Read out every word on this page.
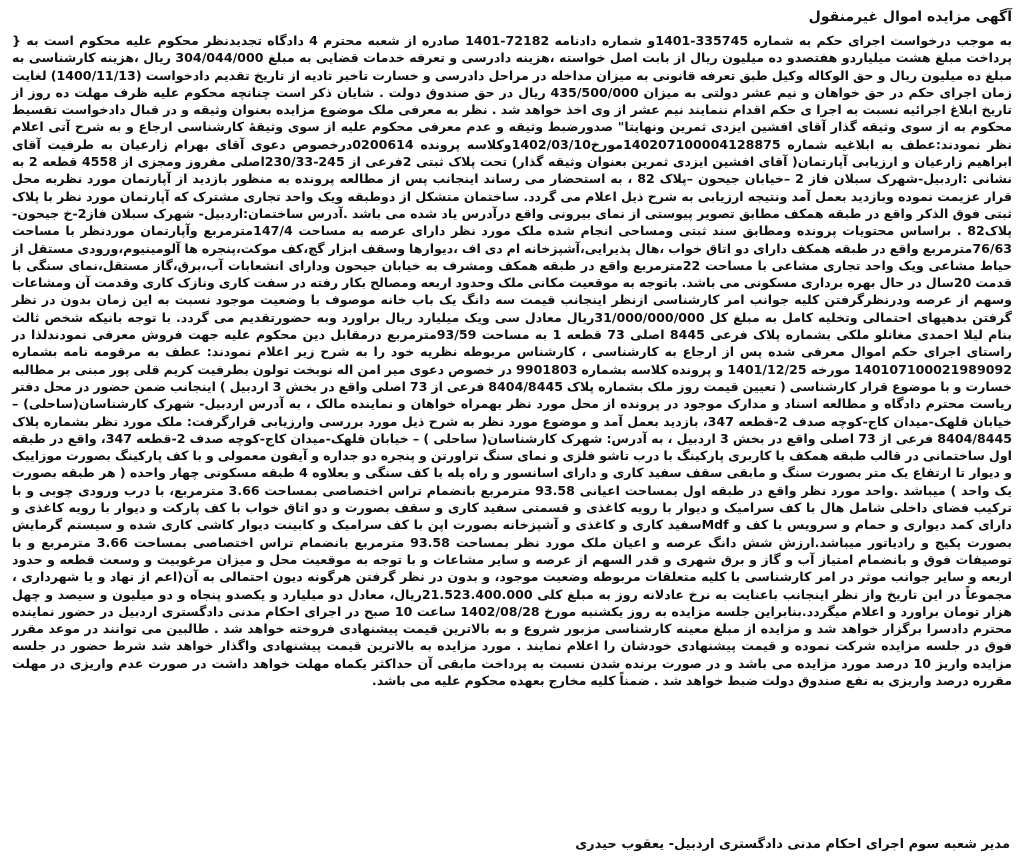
آگهی مزایده اموال غیرمنقول

به موجب درخواست اجرای حکم به شماره 335745-1401و شماره دادنامه 72182-1401 صادره از شعبه محترم 4 دادگاه تجدیدنظر محکوم علیه محکوم است به { پرداخت مبلغ هشت میلیاردو هفتصدو ده میلیون ریال از بابت اصل خواسته ،هزینه دادرسی و تعرفه خدمات قضایی به مبلغ 304/044/000 ریال ،هزینه کارشناسی به مبلغ ده میلیون ریال و حق الوکاله وکیل طبق تعرفه قانونی به میزان مداخله در مراحل دادرسی و خسارت تاخیر تادیه از تاریخ تقدیم دادخواست (1400/11/13) لغایت زمان اجرای حکم در حق خواهان و نیم عشر دولتی به میزان 435/500/000 ریال در حق صندوق دولت . شایان ذکر است چنانچه محکوم علیه ظرف مهلت ده روز از تاریخ ابلاغ اجرائیه نسبت به اجرا ی حکم اقدام ننمایند نیم عشر از وی اخذ خواهد شد . نظر به معرفی ملک موضوع مزایده بعنوان وثیقه و در قبال دادخواست تقسیط محکوم به از سوی وثیقه گذار آقای افشین ایزدی ثمرین ونهایتا" صدورضبط وثیقه و عدم معرفی محکوم علیه از سوی وثیقهٔ کارشناسی ارجاع و به شرح آتی اعلام نظر نمودند:عطف به ابلاغیه شماره 140207100004128875مورخ1402/03/10وکلاسه پرونده 0200614درخصوص دعوی آقای بهرام زارعیان به طرفیت آقای ابراهیم زارعیان و ارزیابی آپارتمان( آقای افشین ایزدی ثمرین بعنوان وثیقه گذار) تحت پلاک ثبتی 2فرعی از 245-230/33اصلی مفروز ومجزی از 4558 قطعه 2 به نشانی :اردبیل-شهرک سبلان فاز 2 –خیابان جیحون –پلاک 82 ، به استحضار می رساند اینجانب پس از مطالعه پرونده به منظور بازدید از آپارتمان مورد نظربه محل قرار عزیمت نموده وبازدید بعمل آمد ونتیجه ارزیابی به شرح ذیل اعلام می گردد. ساختمان متشکل از دوطبقه ویک واحد تجاری مشترک که آپارتمان مورد نظر با پلاک ثبتی فوق الذکر واقع در طبقه همکف مطابق تصویر پیوستی از نمای بیرونی واقع درآدرس یاد شده می باشد .آدرس ساختمان:اردبیل- شهرک سبلان فاز2-خ جیحون-پلاک82 . براساس محتویات پرونده ومطابق سند ثبتی ومساحی انجام شده ملک مورد نظر دارای عرصه به مساحت 147/4مترمربع وآپارتمان موردنظر با مساحت 76/63مترمربع واقع در طبقه همکف دارای دو اتاق خواب ،هال پذیرایی،آشپزخانه ام دی اف ،دیوارها وسقف ابزار گچ،کف موکت،پنجره ها آلومینیوم،ورودی مستقل از حیاط مشاعی ویک واحد تجاری مشاعی با مساحت 22مترمربع واقع در طبقه همکف ومشرف به خیابان جیحون ودارای انشعابات آب،برق،گاز مستقل،نمای سنگی با قدمت 20سال در حال بهره برداری مسکونی می باشد. باتوجه به موقعیت مکانی ملک وحدود اربعه ومصالح بکار رفته در سفت کاری ونازک کاری وقدمت آن ومشاعات وسهم از عرصه ودرنظرگرفتن کلیه جوانب امر کارشناسی ازنظر اینجانب قیمت سه دانگ یک باب خانه موصوف با وضعیت موجود نسبت به این زمان بدون در نظر گرفتن بدهیهای احتمالی وتخلیه کامل به مبلغ کل 31/000/000/000ریال معادل سی ویک میلیارد ریال براورد وبه حضورتقدیم می گردد. با توجه بانیکه شخص ثالث بنام لیلا احمدی مغانلو ملکی بشماره پلاک فرعی 8445 اصلی 73 قطعه 1 به مساحت 93/59مترمربع درمقابل دین محکوم علیه جهت فروش معرفی نمودندلذا در راستای اجرای حکم اموال معرفی شده پس از ارجاع به کارشناسی ، کارشناس مربوطه نظریه خود را به شرح زیر اعلام نمودند: عطف به مرقومه نامه بشماره 140107100021989092 مورخه 1401/12/25 و پرونده کلاسه بشماره 9901803 در خصوص دعوی میر امن اله نوبخت تولون بطرفیت کریم قلی پور مبنی بر مطالبه خسارت و با موضوع قرار کارشناسی ( تعیین قیمت روز ملک بشماره پلاک 8404/8445 فرعی از 73 اصلی واقع در بخش 3 اردبیل ) اینجانب ضمن حضور در محل دفتر ریاست محترم دادگاه و مطالعه اسناد و مدارک موجود در پرونده از محل مورد نظر بهمراه خواهان و نماینده مالک ، به آدرس اردبیل- شهرک کارشناسان(ساحلی) – خیابان قلهک-میدان کاج-کوچه صدف 2-قطعه 347، بازدید بعمل آمد و موضوع مورد نظر به شرح ذیل مورد بررسی وارزیابی قرارگرفت: ملک مورد نظر بشماره پلاک 8404/8445 فرعی از 73 اصلی واقع در بخش 3 اردبیل ، به آدرس: شهرک کارشناسان( ساحلی ) – خیابان قلهک-میدان کاج-کوچه صدف 2-قطعه 347، واقع در طبقه اول ساختمانی در قالب طبقه همکف با کاربری پارکینگ با درب تاشو فلزی و نمای سنگ تراورتن و پنجره دو جداره و آیفون معمولی و با کف پارکینگ بصورت موزاییک و دیوار تا ارتفاع یک متر بصورت سنگ و مابقی سقف سفید کاری و دارای اسانسور و راه پله با کف سنگی و بعلاوه 4 طبقه مسکونی چهار واحده ( هر طبقه بصورت یک واحد ) میباشد .واحد مورد نظر واقع در طبقه اول بمساحت اعیانی 93.58 مترمربع بانضمام تراس اختصاصی بمساحت 3.66 مترمربع، با درب ورودی چوبی و با ترکیب فضای داخلی شامل هال با کف سرامیک و دیوار با رویه کاغذی و قسمتی سفید کاری و سقف بصورت و دو اتاق خواب با کف پارکت و دیوار با رویه کاغذی و دارای کمد دیواری و حمام و سرویس با کف و Mdfسفید کاری و کاغذی و آشپزخانه بصورت اپن با کف سرامیک و کابینت دیوار کاشی کاری شده و سیستم گرمایش بصورت پکیج و رادیاتور میباشد.ارزش شش دانگ عرصه و اعیان ملک مورد نظر بمساحت 93.58 مترمربع بانضمام تراس اختصاصی بمساحت 3.66 مترمربع و با توصیفات فوق و بانضمام امتیاز آب و گاز و برق شهری و قدر السهم از عرصه و سایر مشاعات و با توجه به موقعیت محل و میزان مرغوبیت و وسعت قطعه و حدود اربعه و سایر جوانب موثر در امر کارشناسی با کلیه متعلقات مربوطه وضعیت موجود، و بدون در نظر گرفتن هرگونه دیون احتمالی به آن(اعم از نهاد و یا شهرداری ، مجموعاً در این تاریخ واز نظر اینجانب باعنایت به نرخ عادلانه روز به مبلغ کلی 21.523.400.000ریال، معادل دو میلیارد و یکصدو پنجاه و دو میلیون و سیصد و چهل هزار تومان براورد و اعلام میگردد.بنابراین جلسه مزایده به روز یکشنبه مورخ 1402/08/28 ساعت 10 صبح در اجرای احکام مدنی دادگستری اردبیل در حضور نماینده محترم دادسرا برگزار خواهد شد و مزایده از مبلغ معینه کارشناسی مزبور شروع و به بالاترین قیمت پیشنهادی فروخته خواهد شد . طالبین می توانند در موعد مقرر فوق در جلسه مزایده شرکت نموده و قیمت پیشنهادی خودشان را اعلام نمایند . مورد مزایده به بالاترین قیمت پیشنهادی واگذار خواهد شد شرط حضور در جلسه مزایده واریز 10 درصد مورد مزایده می باشد و در صورت برنده شدن نسبت به پرداخت مابقی آن حداکثر یکماه مهلت خواهد داشت در صورت عدم واریزی در مهلت مقرره درصد واریزی به نفع صندوق دولت ضبط خواهد شد . ضمناً کلیه مخارج بعهده محکوم علیه می باشد.

مدیر شعبه سوم اجرای احکام مدنی دادگستری اردبیل- یعقوب حیدری
